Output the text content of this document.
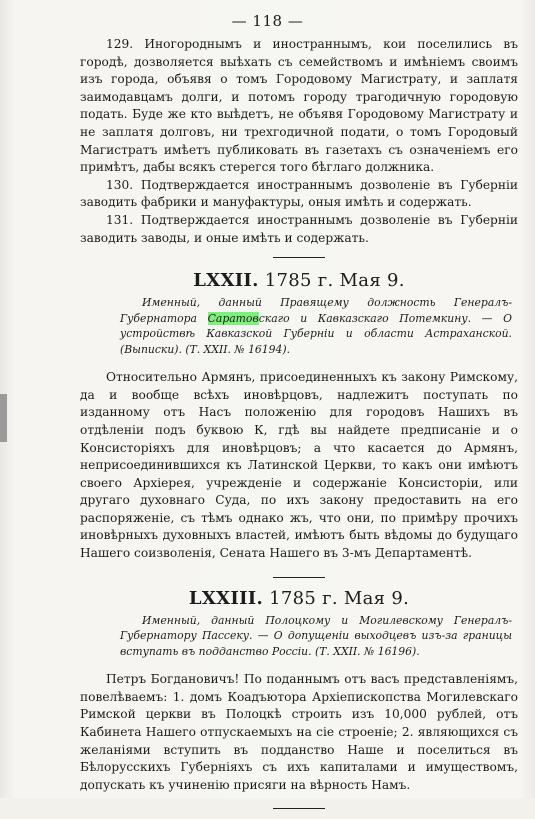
— 118 —

129. Иногороднымъ и иностраннымъ, кои поселились въ городѣ, дозволяется выѣхать съ семействомъ и имѣніемъ своимъ изъ города, объявя о томъ Городовому Магистрату, и заплатя заимодавцамъ долги, и потомъ городу трагодичную городовую подать. Буде же кто выѣдетъ, не объявя Городовому Магистрату и не заплатя долговъ, ни трехгодичной подати, о томъ Городовый Магистратъ имѣетъ публиковать въ газетахъ съ означеніемъ его примѣтъ, дабы всякъ стерегся того бѣглаго должника.

130. Подтверждается иностраннымъ дозволеніе въ Губерніи заводить фабрики и мануфактуры, оныя имѣть и содержать.

131. Подтверждается иностраннымъ дозволеніе въ Губерніи заводить заводы, и оные имѣть и содержать.

LXXII. 1785 г. Мая 9.

Именный, данный Правящему должность Генералъ-Губернатора Саратовскаго и Кавказскаго Потемкину. — О устройствѣ Кавказской Губерніи и области Астраханской. (Выписки). (Т. XXII. № 16194).

Относительно Армянъ, присоединенныхъ къ закону Римскому, да и вообще всѣхъ иновѣрцовъ, надлежитъ поступать по изданному отъ Насъ положенію для городовъ Нашихъ въ отдѣленіи подъ буквою К, гдѣ вы найдете предписаніе и о Консисторіяхъ для иновѣрцовъ; а что касается до Армянъ, неприсоединившихся къ Латинской Церкви, то какъ они имѣютъ своего Архіерея, учрежденіе и содержаніе Консисторіи, или другаго духовнаго Суда, по ихъ закону предоставить на его распоряженіе, съ тѣмъ однако жъ, что они, по примѣру прочихъ иновѣрныхъ духовныхъ властей, имѣютъ быть вѣдомы до будущаго Нашего соизволенія, Сената Нашего въ 3-мъ Департаментѣ.

LXXIII. 1785 г. Мая 9.

Именный, данный Полоцкому и Могилевскому Генералъ-Губернатору Пассеку. — О допущеніи выходцевъ изъ-за границы вступать въ подданство Россіи. (Т. XXII. № 16196).

Петръ Богдановичъ! По поданнымъ отъ васъ представленіямъ, повелѣваемъ: 1. домъ Коадъютора Архіепископства Могилевскаго Римской церкви въ Полоцкѣ строить изъ 10,000 рублей, отъ Кабинета Нашего отпускаемыхъ на сіе строеніе; 2. являющихся съ желаніями вступить въ подданство Наше и поселиться въ Бѣлорусскихъ Губерніяхъ съ ихъ капиталами и имуществомъ, допускать къ учиненію присяги на вѣрность Намъ.
